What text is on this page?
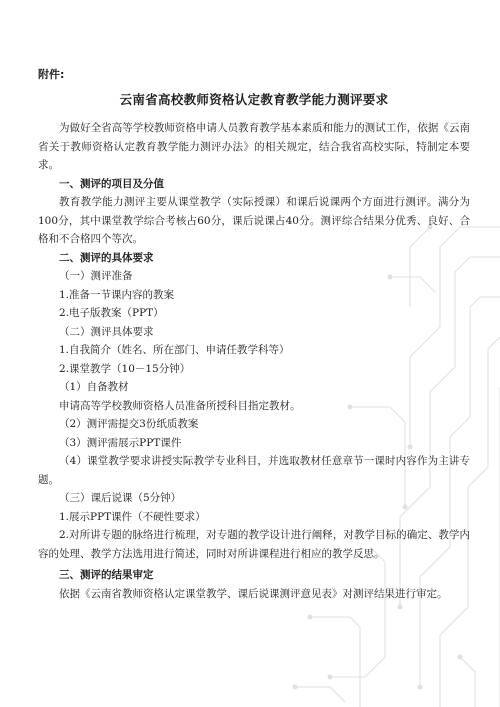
附件:

云南省高校教师资格认定教育教学能力测评要求

为做好全省高等学校教师资格申请人员教育教学基本素质和能力的测试工作，依据《云南省关于教师资格认定教育教学能力测评办法》的相关规定，结合我省高校实际，特制定本要求。

一、测评的项目及分值

教育教学能力测评主要从课堂教学（实际授课）和课后说课两个方面进行测评。满分为100分，其中课堂教学综合考核占60分，课后说课占40分。测评综合结果分优秀、良好、合格和不合格四个等次。

二、测评的具体要求

（一）测评准备

1.准备一节课内容的教案

2.电子版教案（PPT）

（二）测评具体要求

1.自我简介（姓名、所在部门、申请任教学科等）

2.课堂教学（10－15分钟）

（1）自备教材

申请高等学校教师资格人员准备所授科目指定教材。

（2）测评需提交3份纸质教案

（3）测评需展示PPT课件

（4）课堂教学要求讲授实际教学专业科目，并选取教材任意章节一课时内容作为主讲专题。

（三）课后说课（5分钟）

1.展示PPT课件（不硬性要求）

2.对所讲专题的脉络进行梳理，对专题的教学设计进行阐释，对教学目标的确定、教学内容的处理、教学方法选用进行简述，同时对所讲课程进行相应的教学反思。

三、测评的结果审定

依据《云南省教师资格认定课堂教学、课后说课测评意见表》对测评结果进行审定。
